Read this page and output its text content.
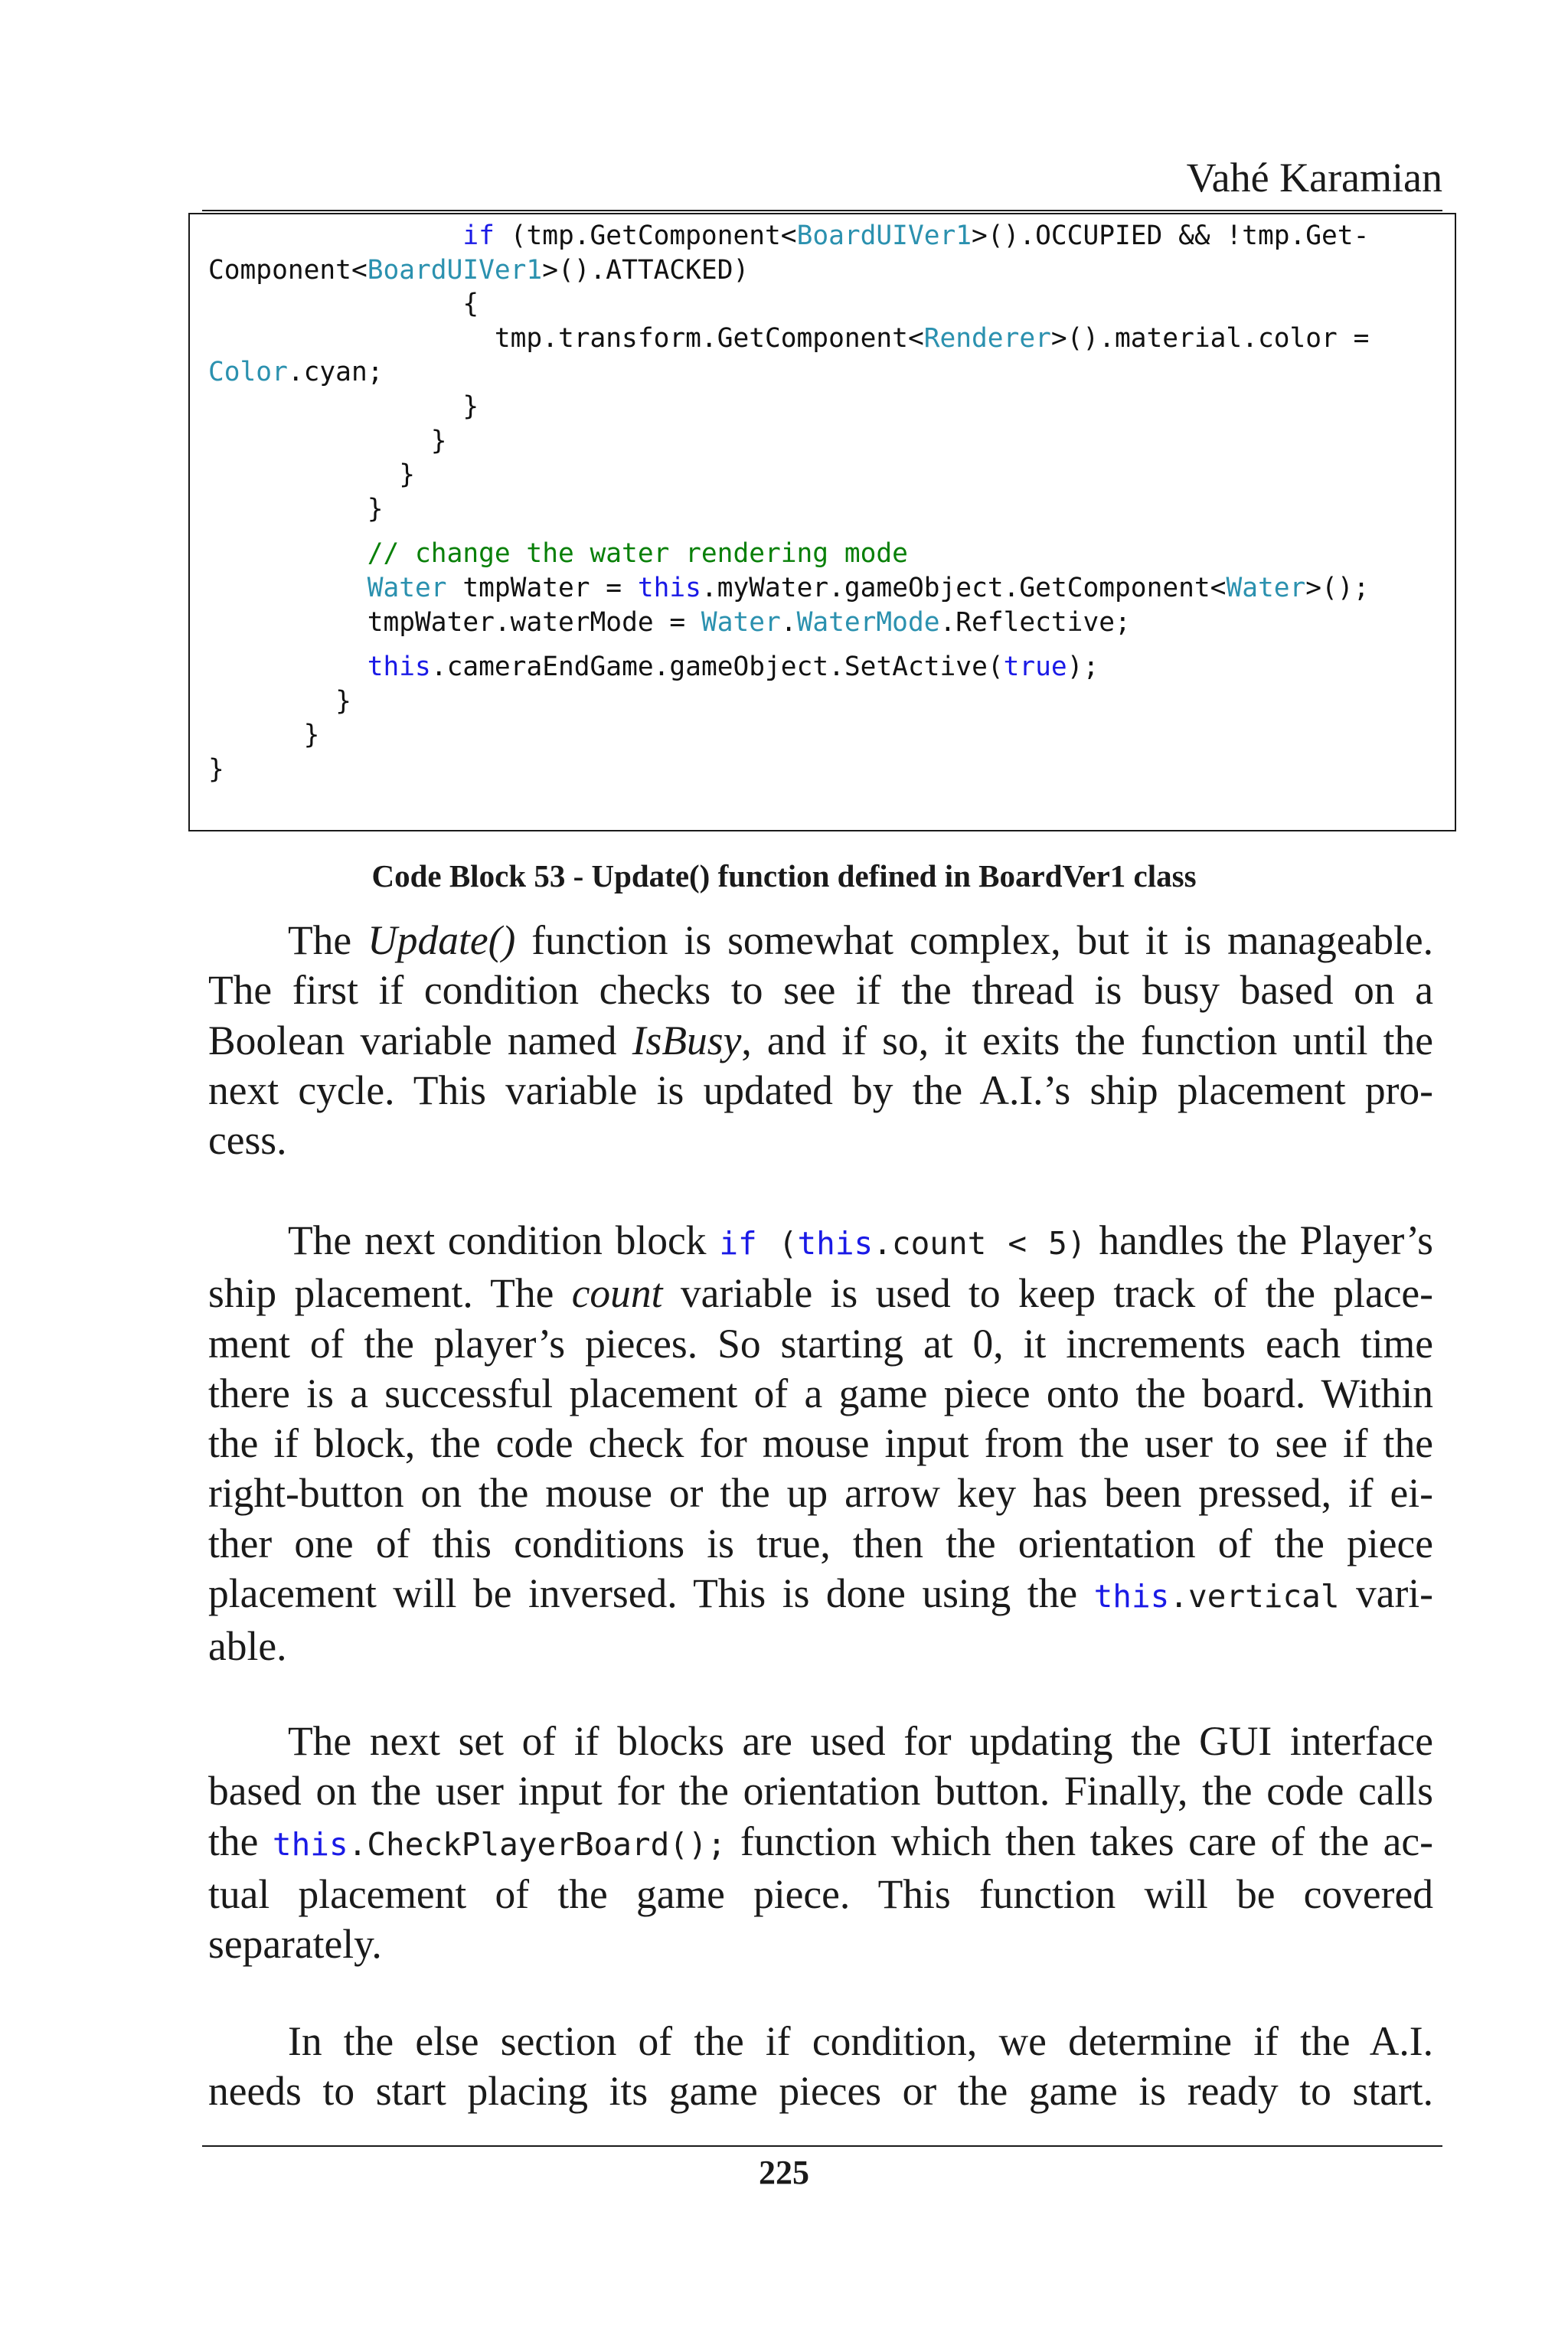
Vahé Karamian
if (tmp.GetComponent<BoardUIVer1>().OCCUPIED && !tmp.Get-
Component<BoardUIVer1>().ATTACKED)
{
tmp.transform.GetComponent<Renderer>().material.color =
Color.cyan;
}
}
}
}
// change the water rendering mode
Water tmpWater = this.myWater.gameObject.GetComponent<Water>();
tmpWater.waterMode = Water.WaterMode.Reflective;
this.cameraEndGame.gameObject.SetActive(true);
}
}
}
Code Block 53 - Update() function defined in BoardVer1 class
The Update() function is somewhat complex, but it is manageable.
The first if condition checks to see if the thread is busy based on a
Boolean variable named IsBusy, and if so, it exits the function until the
next cycle. This variable is updated by the A.I.’s ship placement pro-
cess.
The next condition block if (this.count < 5) handles the Player’s
ship placement. The count variable is used to keep track of the place-
ment of the player’s pieces. So starting at 0, it increments each time
there is a successful placement of a game piece onto the board. Within
the if block, the code check for mouse input from the user to see if the
right-button on the mouse or the up arrow key has been pressed, if ei-
ther one of this conditions is true, then the orientation of the piece
placement will be inversed. This is done using the this.vertical vari-
able.
The next set of if blocks are used for updating the GUI interface
based on the user input for the orientation button. Finally, the code calls
the this.CheckPlayerBoard(); function which then takes care of the ac-
tual placement of the game piece. This function will be covered
separately.
In the else section of the if condition, we determine if the A.I.
needs to start placing its game pieces or the game is ready to start.
225
